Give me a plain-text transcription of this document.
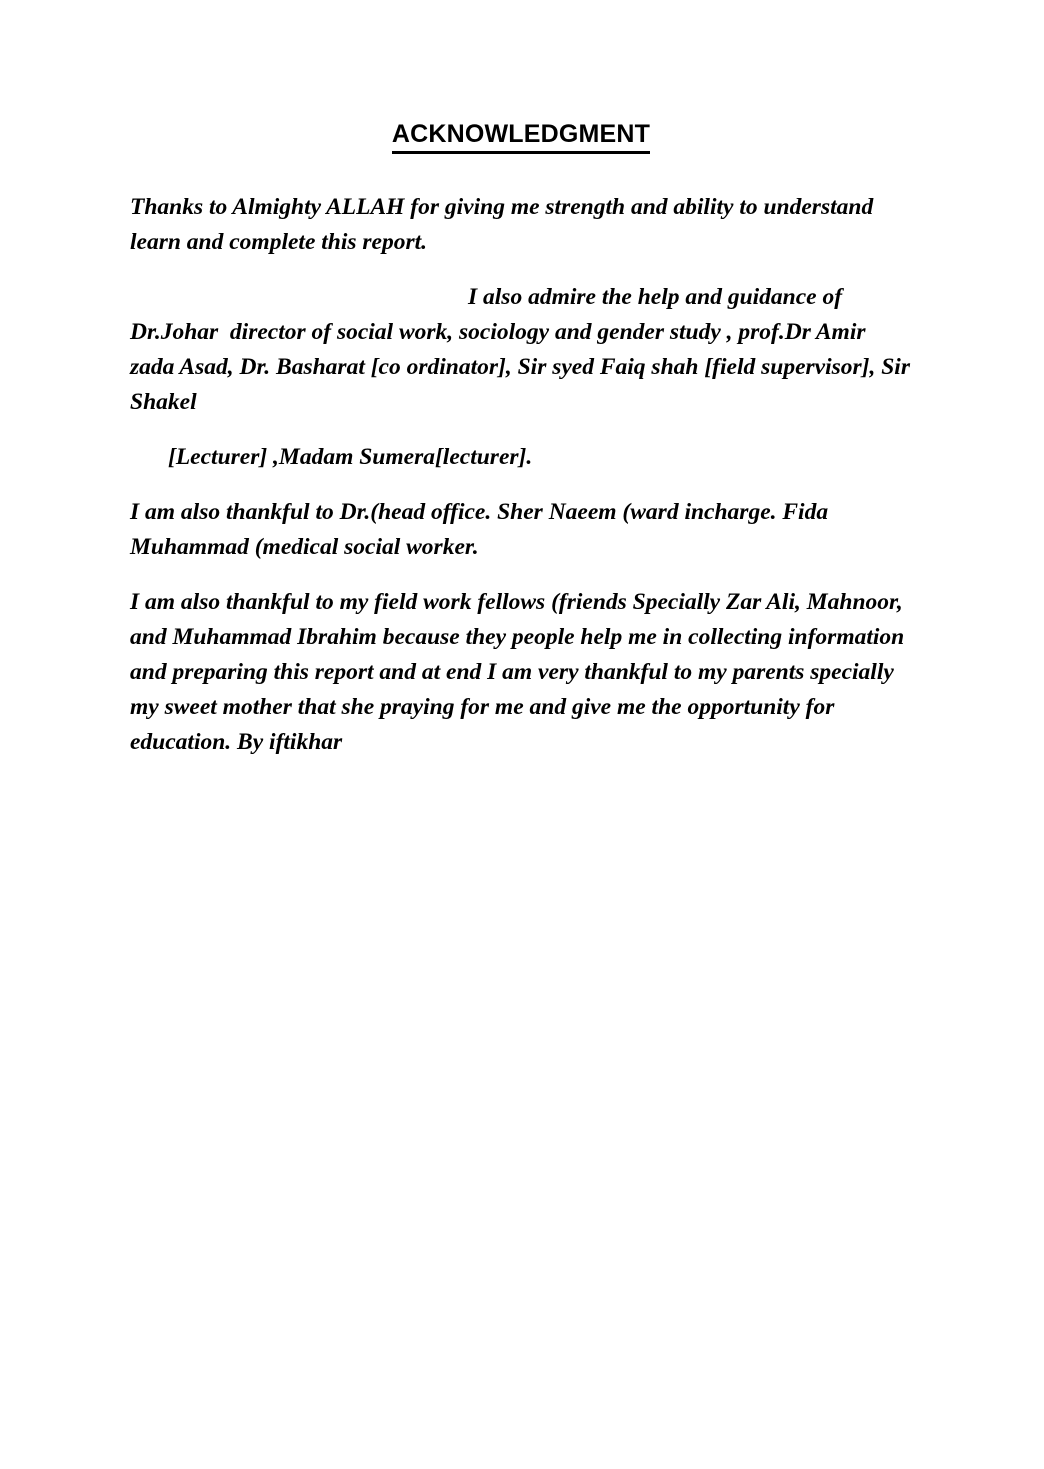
ACKNOWLEDGMENT

Thanks to Almighty ALLAH for giving me strength and ability to understand learn and complete this report.

I also admire the help and guidance of Dr.Johar  director of social work, sociology and gender study , prof.Dr Amir zada Asad, Dr. Basharat [co ordinator], Sir syed Faiq shah [field supervisor], Sir Shakel

[Lecturer] ,Madam Sumera[lecturer].

I am also thankful to Dr.(head office. Sher Naeem (ward incharge. Fida Muhammad (medical social worker.

I am also thankful to my field work fellows (friends Specially Zar Ali, Mahnoor, and Muhammad Ibrahim because they people help me in collecting information and preparing this report and at end I am very thankful to my parents specially my sweet mother that she praying for me and give me the opportunity for education. By iftikhar
